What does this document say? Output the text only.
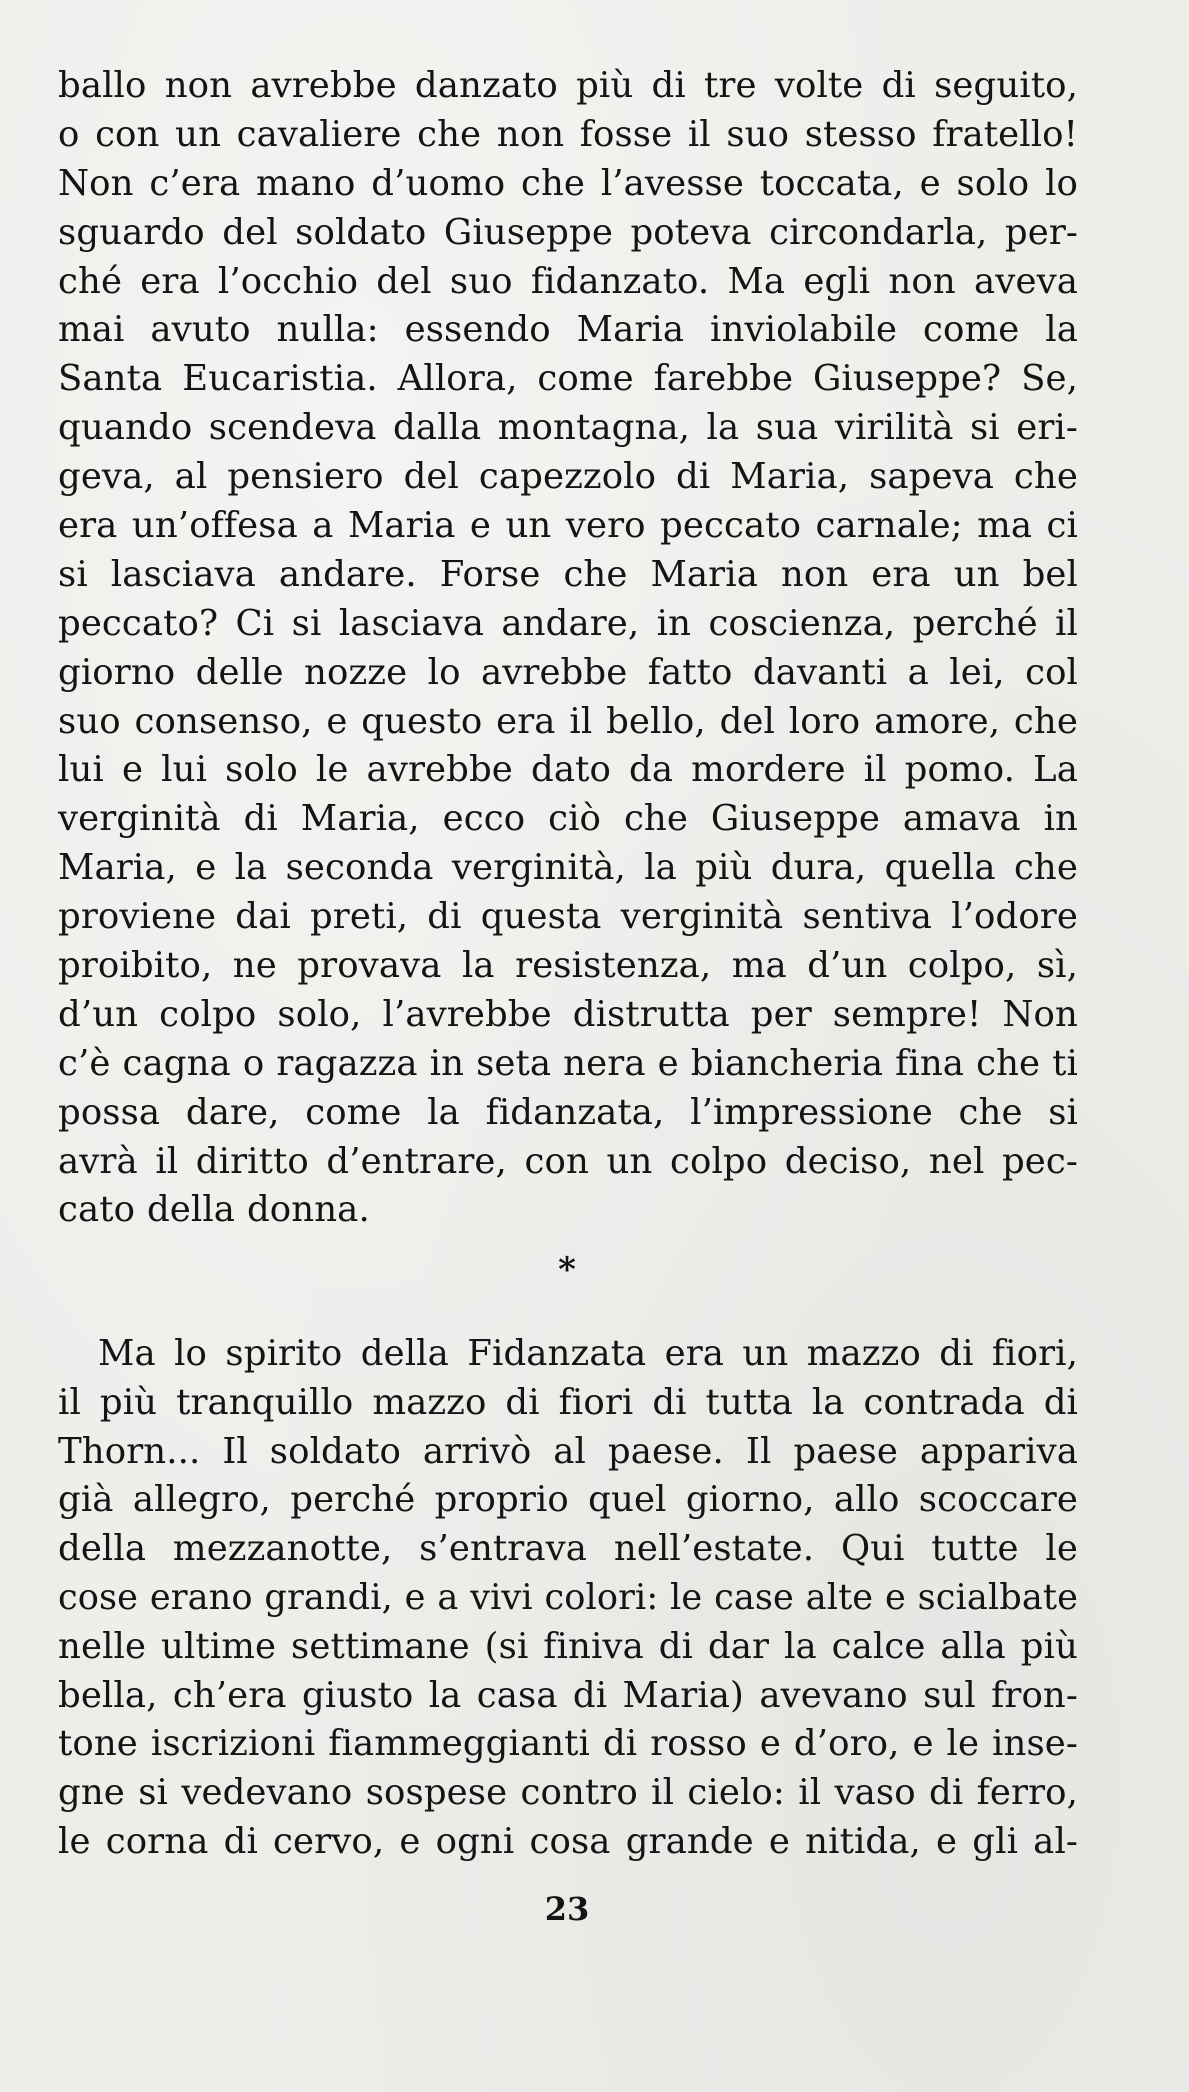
ballo non avrebbe danzato più di tre volte di seguito,
o con un cavaliere che non fosse il suo stesso fratello!
Non c’era mano d’uomo che l’avesse toccata, e solo lo
sguardo del soldato Giuseppe poteva circondarla, per-
ché era l’occhio del suo fidanzato. Ma egli non aveva
mai avuto nulla: essendo Maria inviolabile come la
Santa Eucaristia. Allora, come farebbe Giuseppe? Se,
quando scendeva dalla montagna, la sua virilità si eri-
geva, al pensiero del capezzolo di Maria, sapeva che
era un’offesa a Maria e un vero peccato carnale; ma ci
si lasciava andare. Forse che Maria non era un bel
peccato? Ci si lasciava andare, in coscienza, perché il
giorno delle nozze lo avrebbe fatto davanti a lei, col
suo consenso, e questo era il bello, del loro amore, che
lui e lui solo le avrebbe dato da mordere il pomo. La
verginità di Maria, ecco ciò che Giuseppe amava in
Maria, e la seconda verginità, la più dura, quella che
proviene dai preti, di questa verginità sentiva l’odore
proibito, ne provava la resistenza, ma d’un colpo, sì,
d’un colpo solo, l’avrebbe distrutta per sempre! Non
c’è cagna o ragazza in seta nera e biancheria fina che ti
possa dare, come la fidanzata, l’impressione che si
avrà il diritto d’entrare, con un colpo deciso, nel pec-
cato della donna.
*
Ma lo spirito della Fidanzata era un mazzo di fiori,
il più tranquillo mazzo di fiori di tutta la contrada di
Thorn... Il soldato arrivò al paese. Il paese appariva
già allegro, perché proprio quel giorno, allo scoccare
della mezzanotte, s’entrava nell’estate. Qui tutte le
cose erano grandi, e a vivi colori: le case alte e scialbate
nelle ultime settimane (si finiva di dar la calce alla più
bella, ch’era giusto la casa di Maria) avevano sul fron-
tone iscrizioni fiammeggianti di rosso e d’oro, e le inse-
gne si vedevano sospese contro il cielo: il vaso di ferro,
le corna di cervo, e ogni cosa grande e nitida, e gli al-
23
